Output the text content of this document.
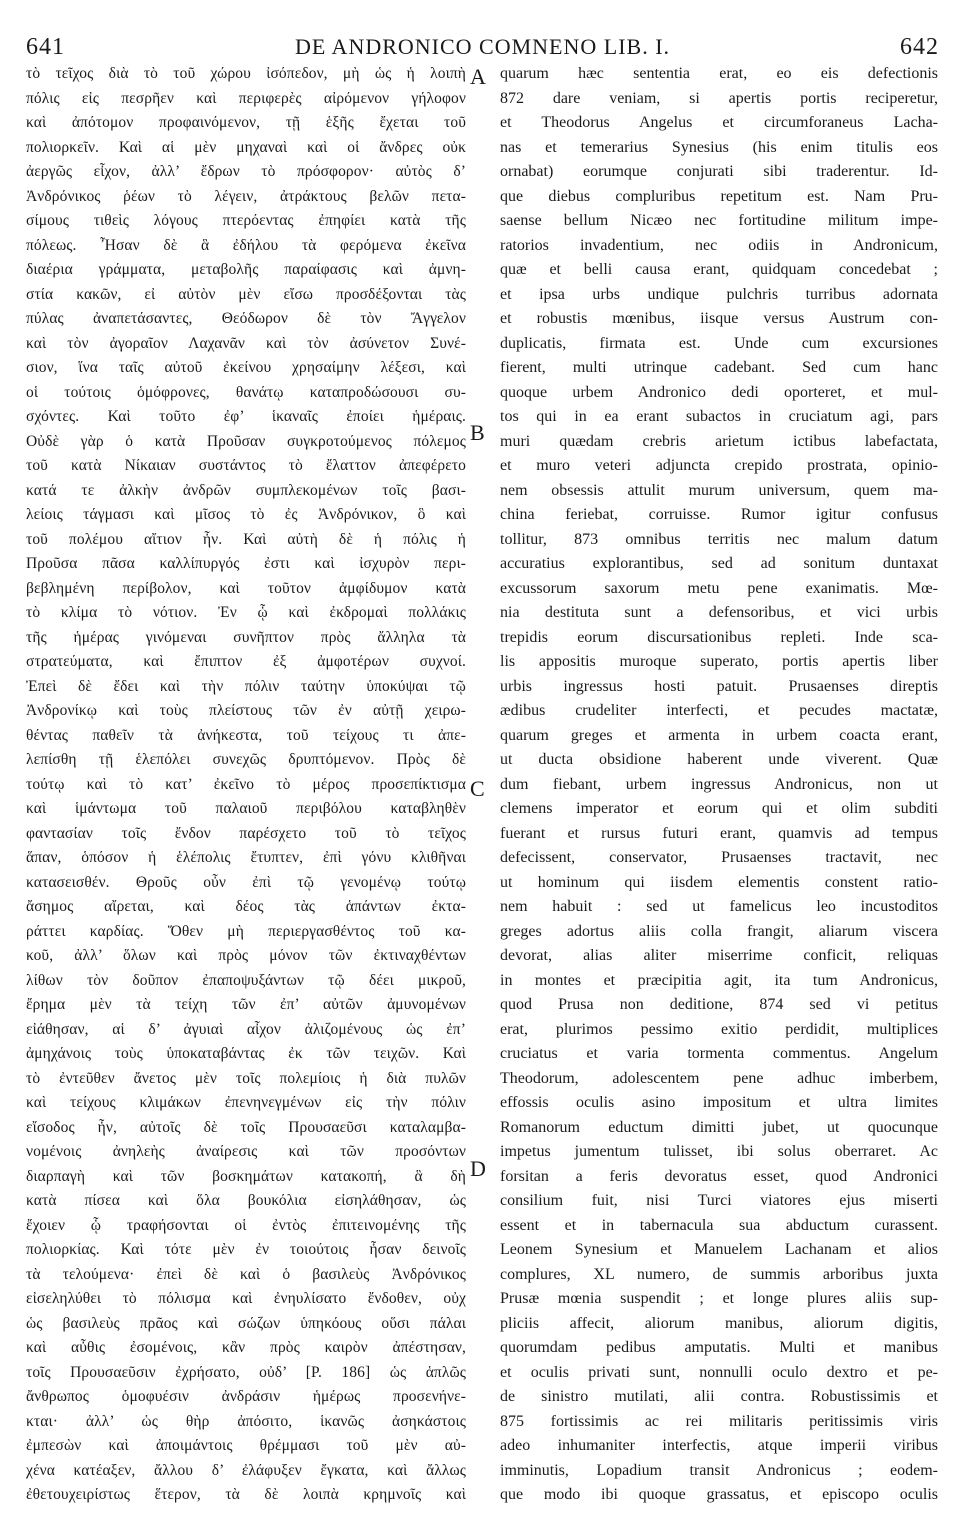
641	DE ANDRONICO COMNENO LIB. I.	642
τὸ τεῖχος διὰ τὸ τοῦ χώρου ἰσόπεδον, μὴ ὡς ἡ λοιπὴ
πόλις εἰς πεσρῆεν καὶ περιφερὲς αἰρόμενον γήλοφον
καὶ ἀπότομον προφαινόμενον, τῇ ἑξῆς ἔχεται τοῦ
πολιορκεῖν. Καὶ αἱ μὲν μηχαναὶ καὶ οἱ ἄνδρες οὐκ
ἀεργῶς εἶχον, ἀλλ’ ἔδρων τὸ πρόσφορον· αὐτὸς δ’
Ἀνδρόνικος ῥέων τὸ λέγειν, ἀτράκτους βελῶν πετα-
σίμους τιθεὶς λόγους πτερόεντας ἐπηφίει κατὰ τῆς
πόλεως. Ἦσαν δὲ ἃ ἐδήλου τὰ φερόμενα ἐκεῖνα
διαέρια γράμματα, μεταβολῆς παραίφασις καὶ ἀμνη-
στία κακῶν, εἰ αὐτὸν μὲν εἴσω προσδέξονται τὰς
πύλας ἀναπετάσαντες, Θεόδωρον δὲ τὸν Ἄγγελον
καὶ τὸν ἀγοραῖον Λαχανᾶν καὶ τὸν ἀσύνετον Συνέ-
σιον, ἵνα ταῖς αὐτοῦ ἐκείνου χρησαίμην λέξεσι, καὶ
οἱ τούτοις ὁμόφρονες, θανάτῳ καταπροδώσουσι συ-
σχόντες. Καὶ τοῦτο ἐφ’ ἱκαναῖς ἐποίει ἡμέραις.
Οὐδὲ γὰρ ὁ κατὰ Προῦσαν συγκροτούμενος πόλεμος
τοῦ κατὰ Νίκαιαν συστάντος τὸ ἔλαττον ἀπεφέρετο
κατά τε ἀλκὴν ἀνδρῶν συμπλεκομένων τοῖς βασι-
λείοις τάγμασι καὶ μῖσος τὸ ἐς Ἀνδρόνικον, ὃ καὶ
τοῦ πολέμου αἴτιον ἦν. Καὶ αὐτὴ δὲ ἡ πόλις ἡ
Προῦσα πᾶσα καλλίπυργός ἐστι καὶ ἰσχυρὸν περι-
βεβλημένη περίβολον, καὶ τοῦτον ἀμφίδυμον κατὰ
τὸ κλίμα τὸ νότιον. Ἐν ᾧ καὶ ἐκδρομαὶ πολλάκις
τῆς ἡμέρας γινόμεναι συνῆπτον πρὸς ἄλληλα τὰ
στρατεύματα, καὶ ἔπιπτον ἐξ ἀμφοτέρων συχνοί.
Ἐπεὶ δὲ ἔδει καὶ τὴν πόλιν ταύτην ὑποκύψαι τῷ
Ἀνδρονίκῳ καὶ τοὺς πλείστους τῶν ἐν αὐτῇ χειρω-
θέντας παθεῖν τὰ ἀνήκεστα, τοῦ τείχους τι ἀπε-
λεπίσθη τῇ ἑλεπόλει συνεχῶς δρυπτόμενον. Πρὸς δὲ
τούτῳ καὶ τὸ κατ’ ἐκεῖνο τὸ μέρος προσεπίκτισμα
καὶ ἱμάντωμα τοῦ παλαιοῦ περιβόλου καταβληθὲν
φαντασίαν τοῖς ἔνδον παρέσχετο τοῦ τὸ τεῖχος
ἅπαν, ὁπόσον ἡ ἑλέπολις ἔτυπτεν, ἐπὶ γόνυ κλιθῆναι
κατασεισθέν. Θροῦς οὖν ἐπὶ τῷ γενομένῳ τούτῳ
ἄσημος αἴρεται, καὶ δέος τὰς ἁπάντων ἐκτα-
ράττει καρδίας. Ὅθεν μὴ περιεργασθέντος τοῦ κα-
κοῦ, ἀλλ’ ὅλων καὶ πρὸς μόνον τῶν ἐκτιναχθέντων
λίθων τὸν δοῦπον ἐπαποψυξάντων τῷ δέει μικροῦ,
ἔρημα μὲν τὰ τείχη τῶν ἐπ’ αὐτῶν ἀμυνομένων
εἰάθησαν, αἱ δ’ ἀγυιαὶ αἶχον ἀλιζομένους ὡς ἐπ’
ἀμηχάνοις τοὺς ὑποκαταβάντας ἐκ τῶν τειχῶν. Καὶ
τὸ ἐντεῦθεν ἄνετος μὲν τοῖς πολεμίοις ἡ διὰ πυλῶν
καὶ τείχους κλιμάκων ἐπενηνεγμένων εἰς τὴν πόλιν
εἴσοδος ἦν, αὐτοῖς δὲ τοῖς Προυσαεῦσι καταλαμβα-
νομένοις ἀνηλεὴς ἀναίρεσις καὶ τῶν προσόντων
διαρπαγὴ καὶ τῶν βοσκημάτων κατακοπή, ἃ δὴ
κατὰ πίσεα καὶ ὅλα βουκόλια εἰσηλάθησαν, ὡς
ἔχοιεν ᾧ τραφήσονται οἱ ἐντὸς ἐπιτεινομένης τῆς
πολιορκίας. Καὶ τότε μὲν ἐν τοιούτοις ἦσαν δεινοῖς
τὰ τελούμενα· ἐπεὶ δὲ καὶ ὁ βασιλεὺς Ἀνδρόνικος
εἰσεληλύθει τὸ πόλισμα καὶ ἐνηυλίσατο ἔνδοθεν, οὐχ
ὡς βασιλεὺς πρᾶος καὶ σώζων ὑπηκόους οὕσι πάλαι
καὶ αὖθις ἐσομένοις, κἂν πρὸς καιρὸν ἀπέστησαν,
τοῖς Προυσαεῦσιν ἐχρήσατο, οὐδ’ [P. 186] ὡς ἁπλῶς
ἄνθρωπος ὁμοφυέσιν ἀνδράσιν ἡμέρως προσενήνε-
κται· ἀλλ’ ὡς θὴρ ἀπόσιτο, ἱκανῶς ἀσηκάστοις
ἐμπεσὼν καὶ ἀποιμάντοις θρέμμασι τοῦ μὲν αὐ-
χένα κατέαξεν, ἄλλου δ’ ἐλάφυξεν ἔγκατα, καὶ ἄλλως
ἐθετουχειρίστως ἕτερον, τὰ δὲ λοιπὰ κρημνοῖς καὶ
quarum hæc sententia erat, eo eis defectionis
872 dare veniam, si apertis portis reciperetur,
et Theodorus Angelus et circumforaneus Lacha-
nas et temerarius Synesius (his enim titulis eos
ornabat) eorumque conjurati sibi traderentur. Id-
que diebus compluribus repetitum est. Nam Pru-
saense bellum Nicæo nec fortitudine militum impe-
ratorios invadentium, nec odiis in Andronicum,
quæ et belli causa erant, quidquam concedebat ;
et ipsa urbs undique pulchris turribus adornata
et robustis mœnibus, iisque versus Austrum con-
duplicatis, firmata est. Unde cum excursiones
fierent, multi utrinque cadebant. Sed cum hanc
quoque urbem Andronico dedi oporteret, et mul-
tos qui in ea erant subactos in cruciatum agi, pars
muri quædam crebris arietum ictibus labefactata,
et muro veteri adjuncta crepido prostrata, opinio-
nem obsessis attulit murum universum, quem ma-
china feriebat, corruisse. Rumor igitur confusus
tollitur, 873 omnibus territis nec malum datum
accuratius explorantibus, sed ad sonitum duntaxat
excussorum saxorum metu pene exanimatis. Mœ-
nia destituta sunt a defensoribus, et vici urbis
trepidis eorum discursationibus repleti. Inde sca-
lis appositis muroque superato, portis apertis liber
urbis ingressus hosti patuit. Prusaenses direptis
ædibus crudeliter interfecti, et pecudes mactatæ,
quarum greges et armenta in urbem coacta erant,
ut ducta obsidione haberent unde viverent. Quæ
dum fiebant, urbem ingressus Andronicus, non ut
clemens imperator et eorum qui et olim subditi
fuerant et rursus futuri erant, quamvis ad tempus
defecissent, conservator, Prusaenses tractavit, nec
ut hominum qui iisdem elementis constent ratio-
nem habuit : sed ut famelicus leo incustoditos
greges adortus aliis colla frangit, aliarum viscera
devorat, alias aliter miserrime conficit, reliquas
in montes et præcipitia agit, ita tum Andronicus,
quod Prusa non deditione, 874 sed vi petitus
erat, plurimos pessimo exitio perdidit, multiplices
cruciatus et varia tormenta commentus. Angelum
Theodorum, adolescentem pene adhuc imberbem,
effossis oculis asino impositum et ultra limites
Romanorum eductum dimitti jubet, ut quocunque
impetus jumentum tulisset, ibi solus oberraret. Ac
forsitan a feris devoratus esset, quod Andronici
consilium fuit, nisi Turci viatores ejus miserti
essent et in tabernacula sua abductum curassent.
Leonem Synesium et Manuelem Lachanam et alios
complures, XL numero, de summis arboribus juxta
Prusæ mœnia suspendit ; et longe plures aliis sup-
pliciis affecit, aliorum manibus, aliorum digitis,
quorumdam pedibus amputatis. Multi et manibus
et oculis privati sunt, nonnulli oculo dextro et pe-
de sinistro mutilati, alii contra. Robustissimis et
875 fortissimis ac rei militaris peritissimis viris
adeo inhumaniter interfectis, atque imperii viribus
imminutis, Lopadium transit Andronicus ; eodem-
que modo ibi quoque grassatus, et episcopo oculis
A
B
C
D
